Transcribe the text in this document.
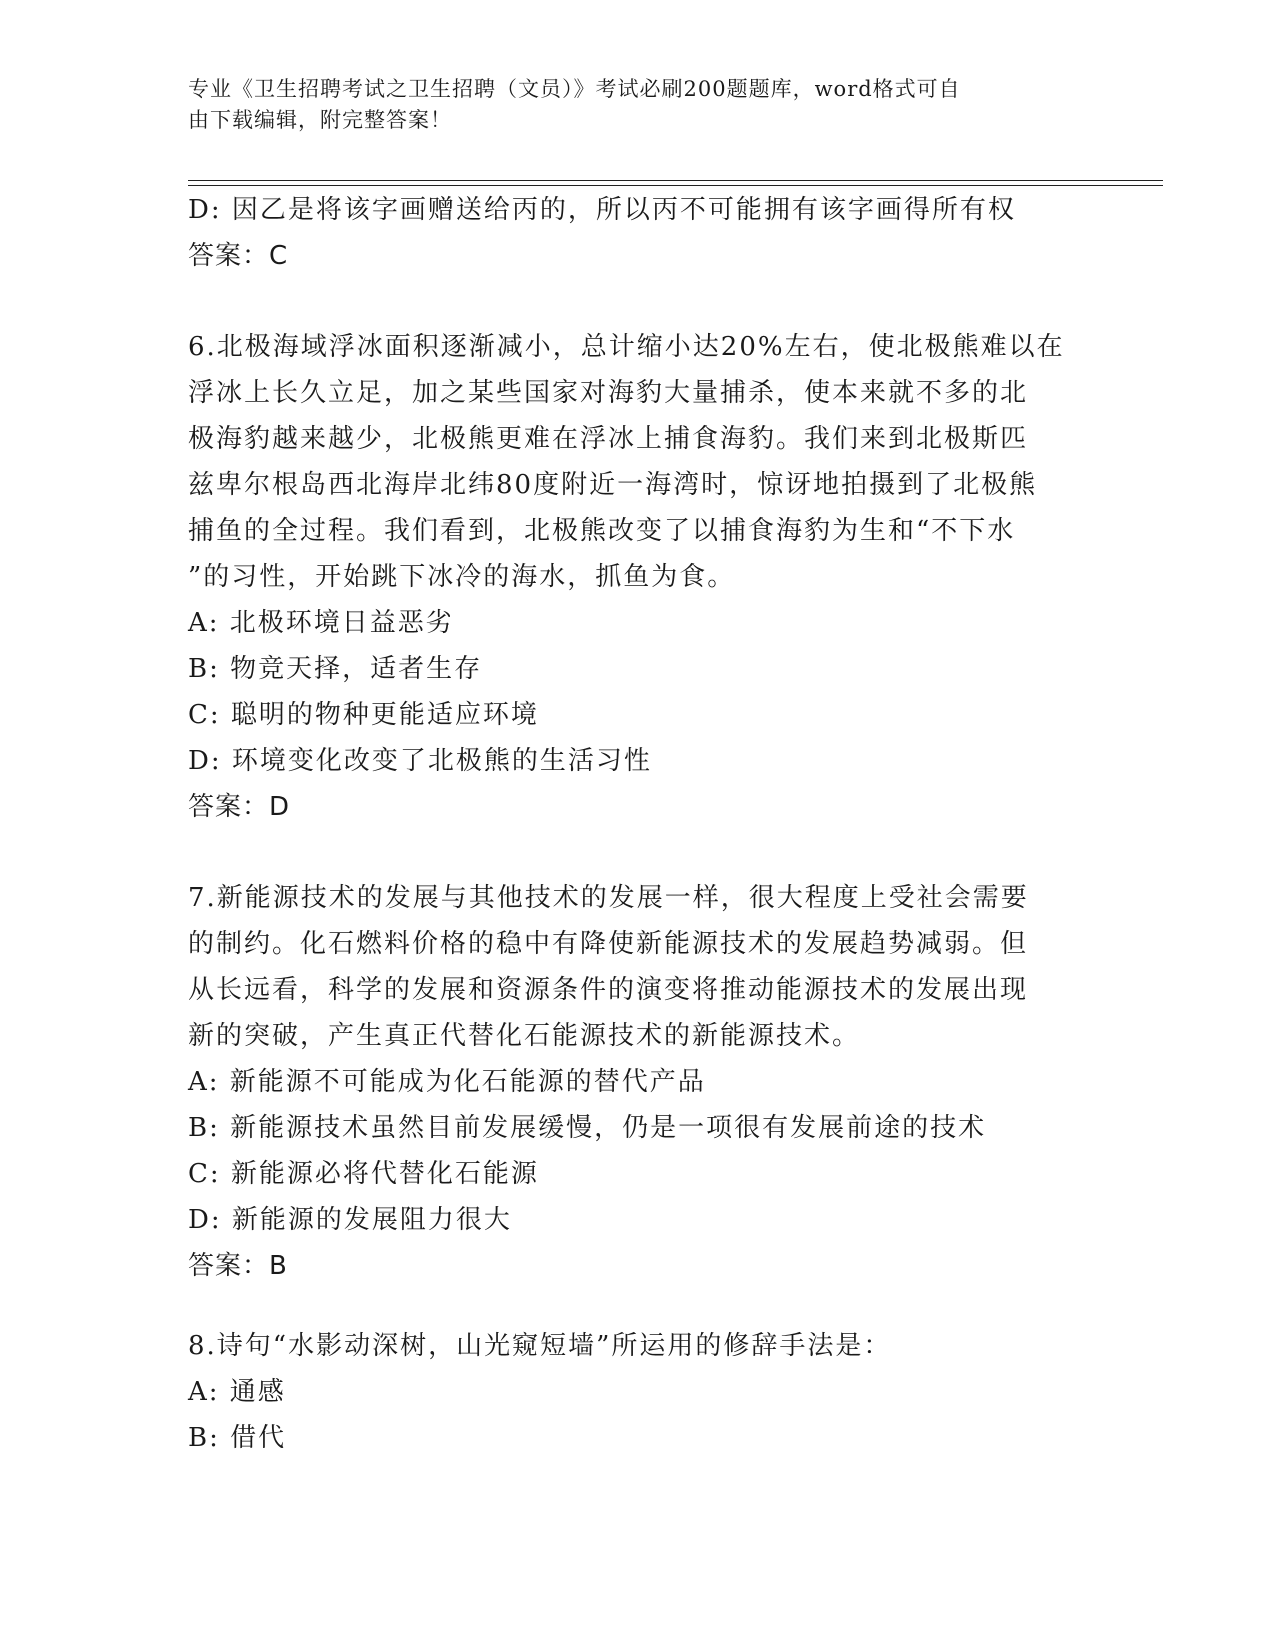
专业《卫生招聘考试之卫生招聘（文员）》考试必刷200题题库，word格式可自
由下载编辑，附完整答案！
D: 因乙是将该字画赠送给丙的，所以丙不可能拥有该字画得所有权
答案：C
6.北极海域浮冰面积逐渐减小，总计缩小达20%左右，使北极熊难以在
浮冰上长久立足，加之某些国家对海豹大量捕杀，使本来就不多的北
极海豹越来越少，北极熊更难在浮冰上捕食海豹。我们来到北极斯匹
兹卑尔根岛西北海岸北纬80度附近一海湾时，惊讶地拍摄到了北极熊
捕鱼的全过程。我们看到，北极熊改变了以捕食海豹为生和“不下水
”的习性，开始跳下冰冷的海水，抓鱼为食。
A: 北极环境日益恶劣
B: 物竞天择，适者生存
C: 聪明的物种更能适应环境
D: 环境变化改变了北极熊的生活习性
答案：D
7.新能源技术的发展与其他技术的发展一样，很大程度上受社会需要
的制约。化石燃料价格的稳中有降使新能源技术的发展趋势减弱。但
从长远看，科学的发展和资源条件的演变将推动能源技术的发展出现
新的突破，产生真正代替化石能源技术的新能源技术。
A: 新能源不可能成为化石能源的替代产品
B: 新能源技术虽然目前发展缓慢，仍是一项很有发展前途的技术
C: 新能源必将代替化石能源
D: 新能源的发展阻力很大
答案：B
8.诗句“水影动深树，山光窥短墙”所运用的修辞手法是：
A: 通感
B: 借代
